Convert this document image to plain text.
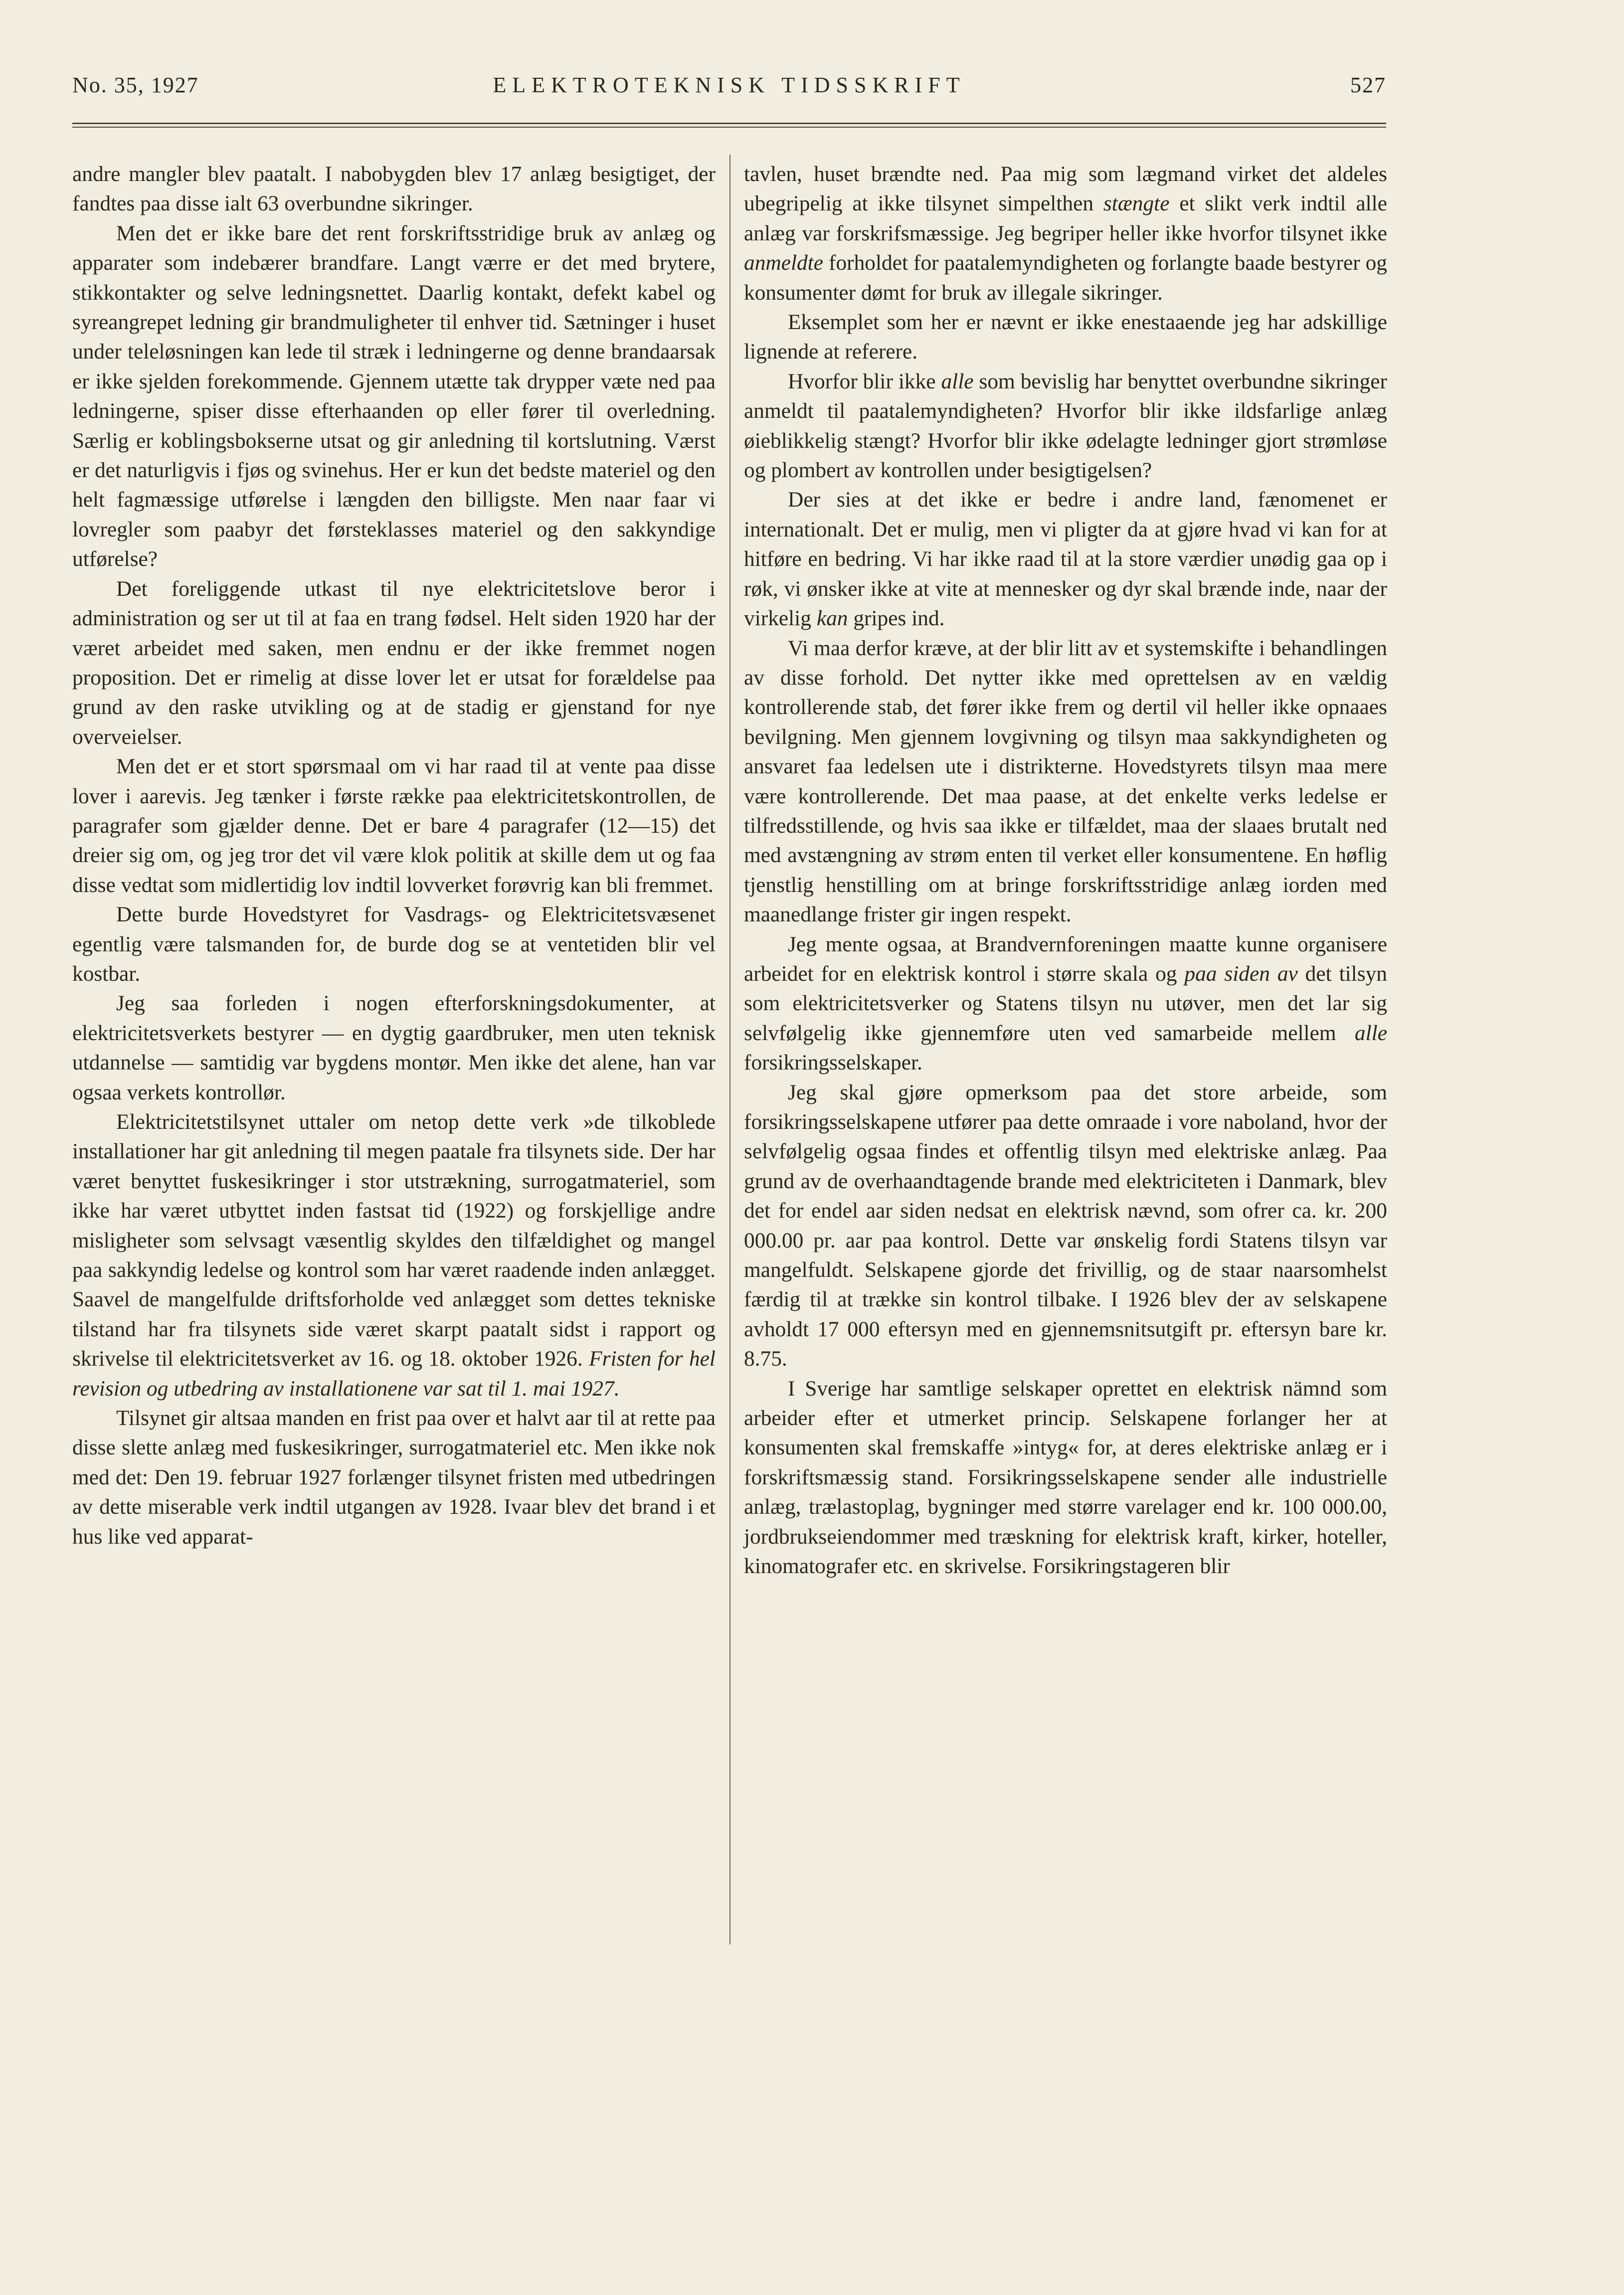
No. 35, 1927	ELEKTROTEKNISK TIDSSKRIFT	527

andre mangler blev paatalt. I nabobygden blev 17 anlæg besigtiget, der fandtes paa disse ialt 63 overbundne sikringer.

Men det er ikke bare det rent forskriftsstridige bruk av anlæg og apparater som indebærer brandfare. Langt værre er det med brytere, stikkontakter og selve ledningsnettet. Daarlig kontakt, defekt kabel og syreangrepet ledning gir brandmuligheter til enhver tid. Sætninger i huset under teleløsningen kan lede til stræk i ledningerne og denne brandaarsak er ikke sjelden forekommende. Gjennem utætte tak drypper væte ned paa ledningerne, spiser disse efterhaanden op eller fører til overledning. Særlig er koblingsbokserne utsat og gir anledning til kortslutning. Værst er det naturligvis i fjøs og svinehus. Her er kun det bedste materiel og den helt fagmæssige utførelse i længden den billigste. Men naar faar vi lovregler som paabyr det førsteklasses materiel og den sakkyndige utførelse?

Det foreliggende utkast til nye elektricitetslove beror i administration og ser ut til at faa en trang fødsel. Helt siden 1920 har der været arbeidet med saken, men endnu er der ikke fremmet nogen proposition. Det er rimelig at disse lover let er utsat for forældelse paa grund av den raske utvikling og at de stadig er gjenstand for nye overveielser.

Men det er et stort spørsmaal om vi har raad til at vente paa disse lover i aarevis. Jeg tænker i første række paa elektricitetskontrollen, de paragrafer som gjælder denne. Det er bare 4 paragrafer (12—15) det dreier sig om, og jeg tror det vil være klok politik at skille dem ut og faa disse vedtat som midlertidig lov indtil lovverket forøvrig kan bli fremmet.

Dette burde Hovedstyret for Vasdrags- og Elektricitetsvæsenet egentlig være talsmanden for, de burde dog se at ventetiden blir vel kostbar.

Jeg saa forleden i nogen efterforskningsdokumenter, at elektricitetsverkets bestyrer — en dygtig gaardbruker, men uten teknisk utdannelse — samtidig var bygdens montør. Men ikke det alene, han var ogsaa verkets kontrollør.

Elektricitetstilsynet uttaler om netop dette verk »de tilkoblede installationer har git anledning til megen paatale fra tilsynets side. Der har været benyttet fuskesikringer i stor utstrækning, surrogatmateriel, som ikke har været utbyttet inden fastsat tid (1922) og forskjellige andre misligheter som selvsagt væsentlig skyldes den tilfældighet og mangel paa sakkyndig ledelse og kontrol som har været raadende inden anlægget. Saavel de mangelfulde driftsforholde ved anlægget som dettes tekniske tilstand har fra tilsynets side været skarpt paatalt sidst i rapport og skrivelse til elektricitetsverket av 16. og 18. oktober 1926. Fristen for hel revision og utbedring av installationene var sat til 1. mai 1927.

Tilsynet gir altsaa manden en frist paa over et halvt aar til at rette paa disse slette anlæg med fuskesikringer, surrogatmateriel etc. Men ikke nok med det: Den 19. februar 1927 forlænger tilsynet fristen med utbedringen av dette miserable verk indtil utgangen av 1928. Ivaar blev det brand i et hus like ved apparat-

tavlen, huset brændte ned. Paa mig som lægmand virket det aldeles ubegripelig at ikke tilsynet simpelthen stængte et slikt verk indtil alle anlæg var forskrifsmæssige. Jeg begriper heller ikke hvorfor tilsynet ikke anmeldte forholdet for paatalemyndigheten og forlangte baade bestyrer og konsumenter dømt for bruk av illegale sikringer.

Eksemplet som her er nævnt er ikke enestaaende jeg har adskillige lignende at referere.

Hvorfor blir ikke alle som bevislig har benyttet overbundne sikringer anmeldt til paatalemyndigheten? Hvorfor blir ikke ildsfarlige anlæg øieblikkelig stængt? Hvorfor blir ikke ødelagte ledninger gjort strømløse og plombert av kontrollen under besigtigelsen?

Der sies at det ikke er bedre i andre land, fænomenet er internationalt. Det er mulig, men vi pligter da at gjøre hvad vi kan for at hitføre en bedring. Vi har ikke raad til at la store værdier unødig gaa op i røk, vi ønsker ikke at vite at mennesker og dyr skal brænde inde, naar der virkelig kan gripes ind.

Vi maa derfor kræve, at der blir litt av et systemskifte i behandlingen av disse forhold. Det nytter ikke med oprettelsen av en vældig kontrollerende stab, det fører ikke frem og dertil vil heller ikke opnaaes bevilgning. Men gjennem lovgivning og tilsyn maa sakkyndigheten og ansvaret faa ledelsen ute i distrikterne. Hovedstyrets tilsyn maa mere være kontrollerende. Det maa paase, at det enkelte verks ledelse er tilfredsstillende, og hvis saa ikke er tilfældet, maa der slaaes brutalt ned med avstængning av strøm enten til verket eller konsumentene. En høflig tjenstlig henstilling om at bringe forskriftsstridige anlæg iorden med maanedlange frister gir ingen respekt.

Jeg mente ogsaa, at Brandvernforeningen maatte kunne organisere arbeidet for en elektrisk kontrol i større skala og paa siden av det tilsyn som elektricitetsverker og Statens tilsyn nu utøver, men det lar sig selvfølgelig ikke gjennemføre uten ved samarbeide mellem alle forsikringsselskaper.

Jeg skal gjøre opmerksom paa det store arbeide, som forsikringsselskapene utfører paa dette omraade i vore naboland, hvor der selvfølgelig ogsaa findes et offentlig tilsyn med elektriske anlæg. Paa grund av de overhaandtagende brande med elektriciteten i Danmark, blev det for endel aar siden nedsat en elektrisk nævnd, som ofrer ca. kr. 200 000.00 pr. aar paa kontrol. Dette var ønskelig fordi Statens tilsyn var mangelfuldt. Selskapene gjorde det frivillig, og de staar naarsomhelst færdig til at trække sin kontrol tilbake. I 1926 blev der av selskapene avholdt 17 000 eftersyn med en gjennemsnitsutgift pr. eftersyn bare kr. 8.75.

I Sverige har samtlige selskaper oprettet en elektrisk nämnd som arbeider efter et utmerket princip. Selskapene forlanger her at konsumenten skal fremskaffe »intyg« for, at deres elektriske anlæg er i forskriftsmæssig stand. Forsikringsselskapene sender alle industrielle anlæg, trælastoplag, bygninger med større varelager end kr. 100 000.00, jordbrukseiendommer med træskning for elektrisk kraft, kirker, hoteller, kinomatografer etc. en skrivelse. Forsikringstageren blir
